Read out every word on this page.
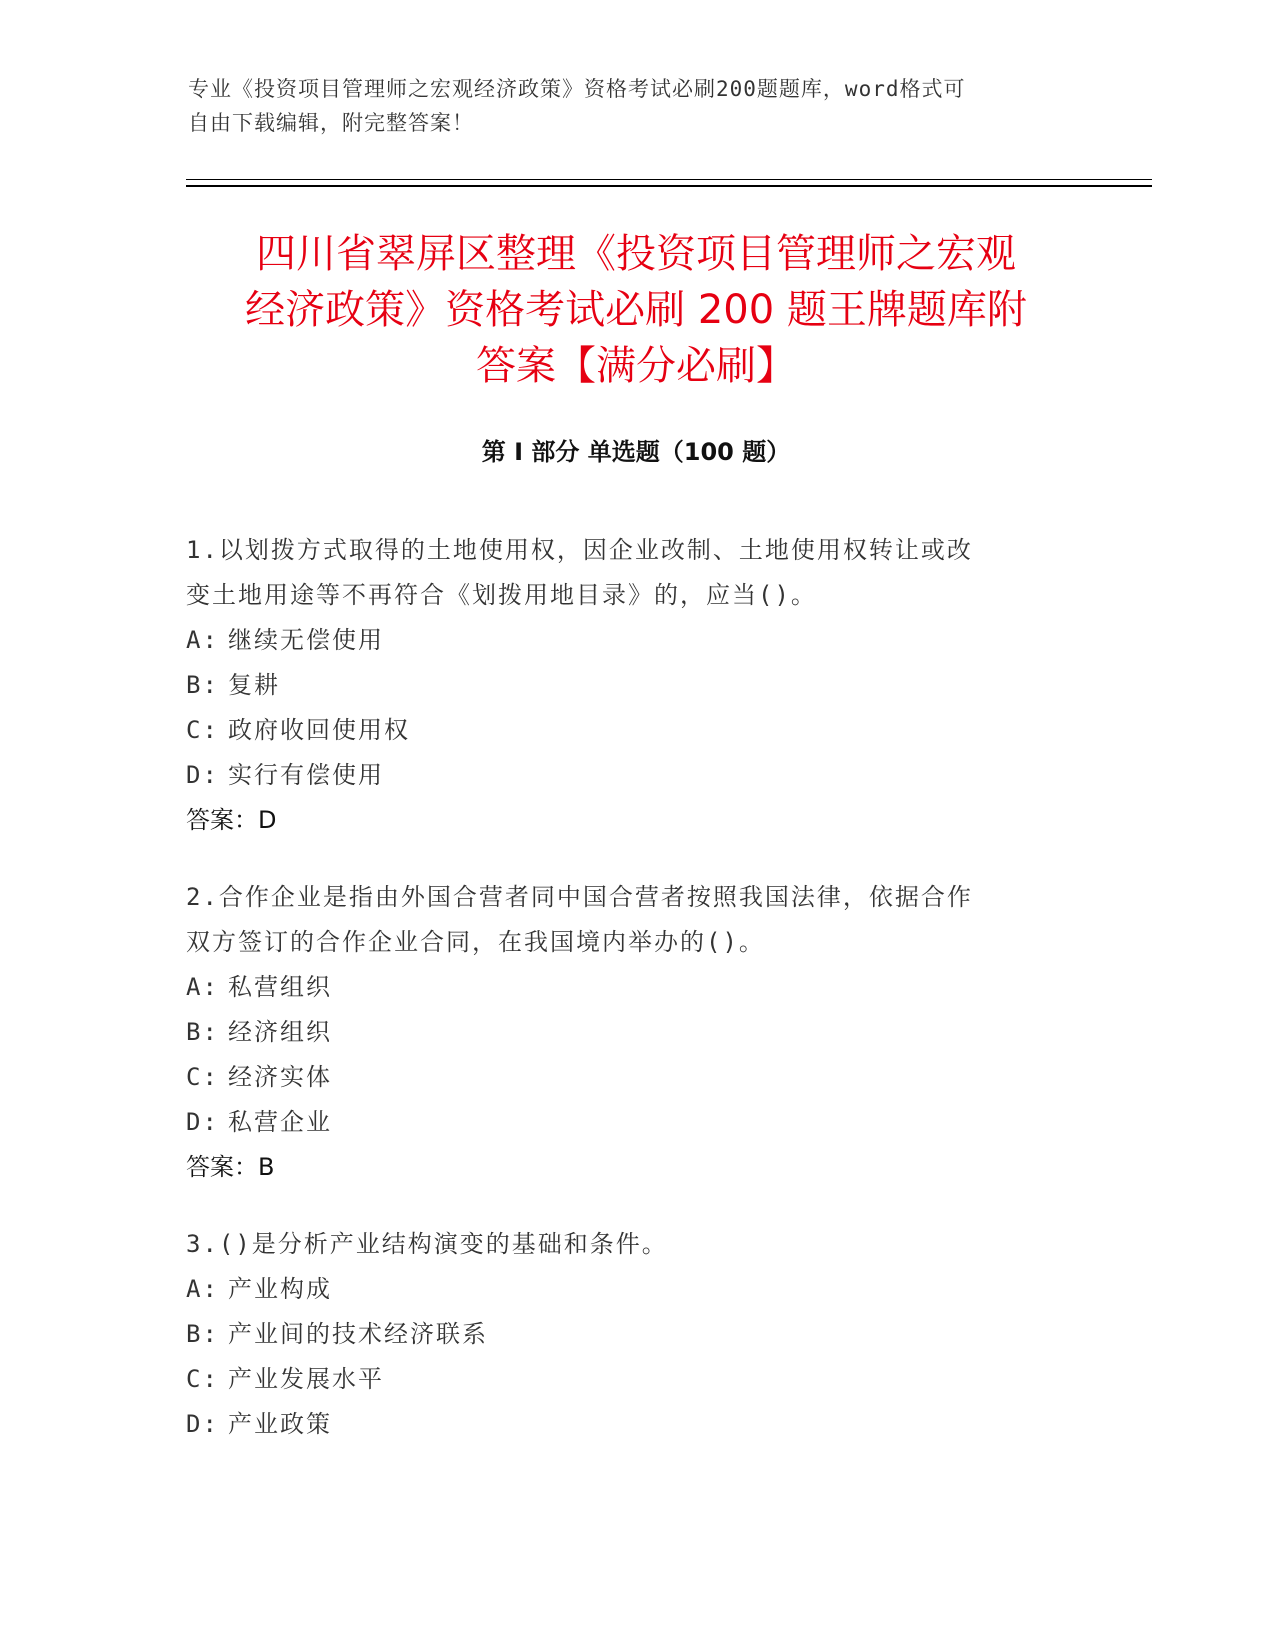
专业《投资项目管理师之宏观经济政策》资格考试必刷200题题库，word格式可
自由下载编辑，附完整答案！
四川省翠屏区整理《投资项目管理师之宏观
经济政策》资格考试必刷 200 题王牌题库附
答案【满分必刷】
第 I 部分 单选题（100 题）
1.以划拨方式取得的土地使用权，因企业改制、土地使用权转让或改
变土地用途等不再符合《划拨用地目录》的，应当()。
A: 继续无偿使用
B: 复耕
C: 政府收回使用权
D: 实行有偿使用
答案：D
2.合作企业是指由外国合营者同中国合营者按照我国法律，依据合作
双方签订的合作企业合同，在我国境内举办的()。
A: 私营组织
B: 经济组织
C: 经济实体
D: 私营企业
答案：B
3.()是分析产业结构演变的基础和条件。
A: 产业构成
B: 产业间的技术经济联系
C: 产业发展水平
D: 产业政策
